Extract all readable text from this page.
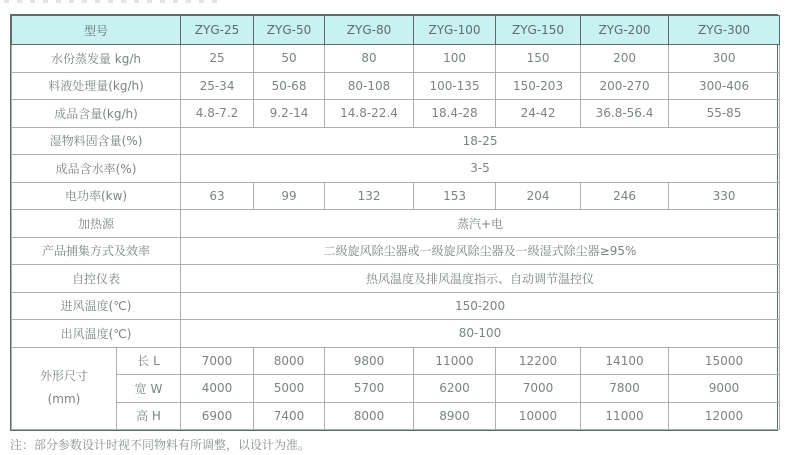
型号		ZYG-25	ZYG-50	ZYG-80	ZYG-100	ZYG-150	ZYG-200	ZYG-300
水份蒸发量 kg/h		25	50	80	100	150	200	300
料液处理量(kg/h)		25-34	50-68	80-108	100-135	150-203	200-270	300-406
成品含量(kg/h)		4.8-7.2	9.2-14	14.8-22.4	18.4-28	24-42	36.8-56.4	55-85
湿物料固含量(%)		18-25						
成品含水率(%)		3-5						
电功率(kw)		63	99	132	153	204	246	330
加热源		蒸汽+电						
产品捕集方式及效率		二级旋风除尘器或一级旋风除尘器及一级湿式除尘器≥95%						
自控仪表		热风温度及排风温度指示、自动调节温控仪						
进风温度(℃)		150-200						
出风温度(℃)		80-100						

外形尺寸
(mm)	长 L	7000	8000	9800	11000	12200	14100	15000
	宽 W	4000	5000	5700	6200	7000	7800	9000
	高 H	6900	7400	8000	8900	10000	11000	12000
注：部分参数设计时视不同物料有所调整，以设计为准。
